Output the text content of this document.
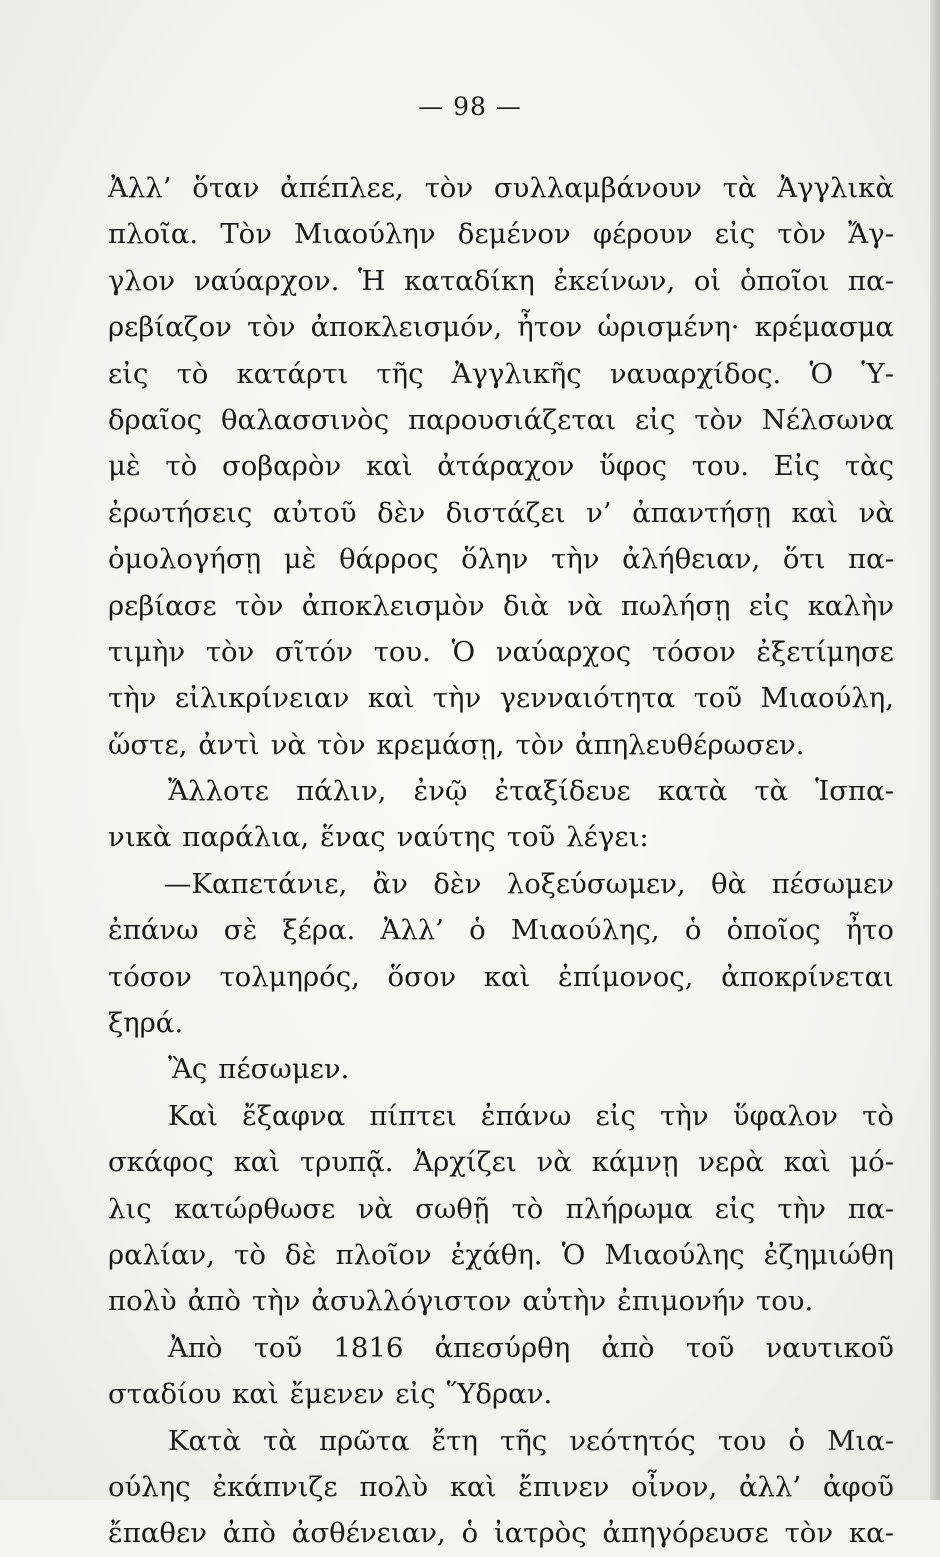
— 98 —
Ἀλλ’ ὅταν ἀπέπλεε, τὸν συλλαμβάνουν τὰ Ἀγγλικὰ
πλοῖα. Τὸν Μιαούλην δεμένον φέρουν εἰς τὸν Ἄγ-
γλον ναύαρχον. Ἡ καταδίκη ἐκείνων, οἱ ὁποῖοι πα-
ρεβίαζον τὸν ἀποκλεισμόν, ἦτον ὡρισμένη· κρέμασμα
εἰς τὸ κατάρτι τῆς Ἀγγλικῆς ναυαρχίδος. Ὁ Ὑ-
δραῖος θαλασσινὸς παρουσιάζεται εἰς τὸν Νέλσωνα
μὲ τὸ σοβαρὸν καὶ ἀτάραχον ὕφος του. Εἰς τὰς
ἐρωτήσεις αὐτοῦ δὲν διστάζει ν’ ἀπαντήσῃ καὶ νὰ
ὁμολογήσῃ μὲ θάρρος ὅλην τὴν ἀλήθειαν, ὅτι πα-
ρεβίασε τὸν ἀποκλεισμὸν διὰ νὰ πωλήσῃ εἰς καλὴν
τιμὴν τὸν σῖτόν του. Ὁ ναύαρχος τόσον ἐξετίμησε
τὴν εἰλικρίνειαν καὶ τὴν γενναιότητα τοῦ Μιαούλη,
ὥστε, ἀντὶ νὰ τὸν κρεμάσῃ, τὸν ἀπηλευθέρωσεν.
Ἄλλοτε πάλιν, ἐνῷ ἐταξίδευε κατὰ τὰ Ἱσπα-
νικὰ παράλια, ἕνας ναύτης τοῦ λέγει:
—Καπετάνιε, ἂν δὲν λοξεύσωμεν, θὰ πέσωμεν
ἐπάνω σὲ ξέρα. Ἀλλ’ ὁ Μιαούλης, ὁ ὁποῖος ἦτο
τόσον τολμηρός, ὅσον καὶ ἐπίμονος, ἀποκρίνεται
ξηρά.
Ἂς πέσωμεν.
Καὶ ἔξαφνα πίπτει ἐπάνω εἰς τὴν ὕφαλον τὸ
σκάφος καὶ τρυπᾷ. Ἀρχίζει νὰ κάμνῃ νερὰ καὶ μό-
λις κατώρθωσε νὰ σωθῇ τὸ πλήρωμα εἰς τὴν πα-
ραλίαν, τὸ δὲ πλοῖον ἐχάθη. Ὁ Μιαούλης ἐζημιώθη
πολὺ ἀπὸ τὴν ἀσυλλόγιστον αὐτὴν ἐπιμονήν του.
Ἀπὸ τοῦ 1816 ἀπεσύρθη ἀπὸ τοῦ ναυτικοῦ
σταδίου καὶ ἔμενεν εἰς Ὕδραν.
Κατὰ τὰ πρῶτα ἔτη τῆς νεότητός του ὁ Μια-
ούλης ἐκάπνιζε πολὺ καὶ ἔπινεν οἶνον, ἀλλ’ ἀφοῦ
ἔπαθεν ἀπὸ ἀσθένειαν, ὁ ἰατρὸς ἀπηγόρευσε τὸν κα-
